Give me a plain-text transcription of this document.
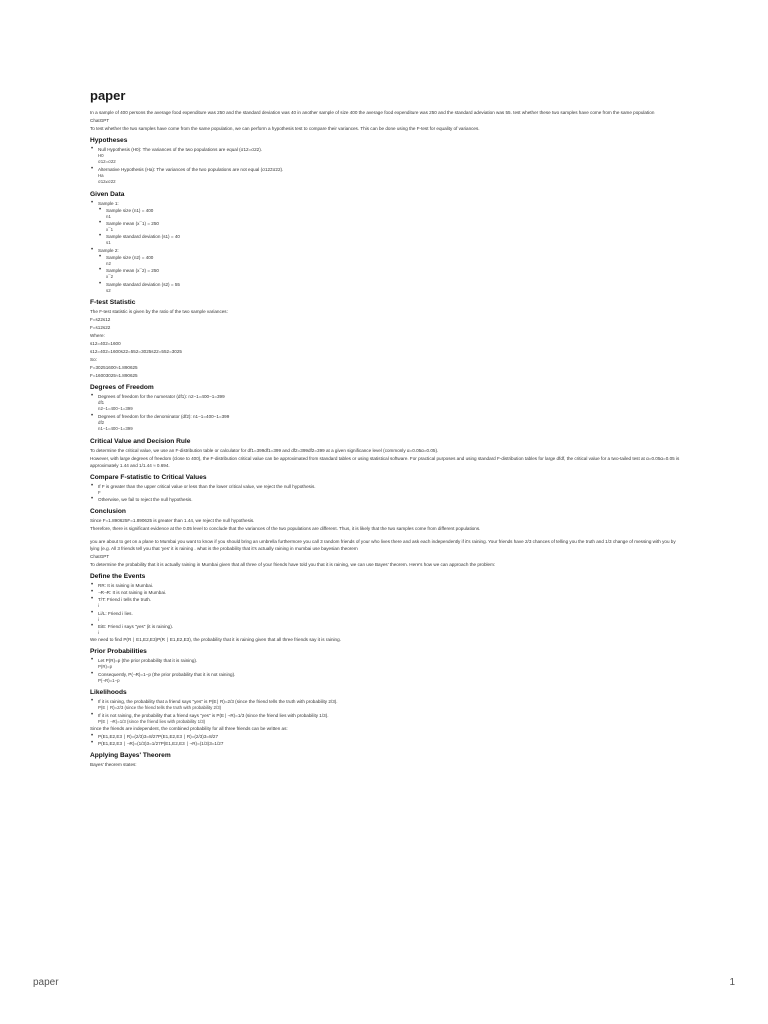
paper
In a sample of 400 persons the average food expenditure was 250 and the standard deviation was 40 in another sample of size 400 the average food expenditure was 250 and the standard adeviation was 55. test whether these two samples have come from the same population
ChatGPT
To test whether the two samples have come from the same population, we can perform a hypothesis test to compare their variances. This can be done using the F-test for equality of variances.
Hypotheses
• Null Hypothesis (H0): The variances of the two populations are equal (σ12=σ22).
H0
σ12=σ22
• Alternative Hypothesis (Ha): The variances of the two populations are not equal (σ12≠σ22).
Ha
σ12≠σ22
Given Data
• Sample 1:
• Sample size (n1) = 400
n1
• Sample mean (x¯1) = 250
x¯1
• Sample standard deviation (s1) = 40
s1
• Sample 2:
• Sample size (n2) = 400
n2
• Sample mean (x¯2) = 250
x¯2
• Sample standard deviation (s2) = 55
s2
F-test Statistic
The F-test statistic is given by the ratio of the two sample variances:
F=s22s12
F=s12s22
Where:
s12=402=1600
s12=402=1600s22=552=3025s22=552=3025
So:
F=30251600≈1.890625
F=16003025≈1.890625
Degrees of Freedom
• Degrees of freedom for the numerator (df1): n2−1=400−1=399
df1
n2−1=400−1=399
• Degrees of freedom for the denominator (df2): n1−1=400−1=399
df2
n1−1=400−1=399
Critical Value and Decision Rule
To determine the critical value, we use an F-distribution table or calculator for df1=399df1=399 and df2=399df2=399 at a given significance level (commonly α=0.05α=0.05).
However, with large degrees of freedom (close to 400), the F-distribution critical value can be approximated from standard tables or using statistical software. For practical purposes and using standard F-distribution tables for large dfdf, the critical value for a two-tailed test at α=0.05α=0.05 is approximately 1.44 and 1/1.44 ≈ 0.694.
Compare F-statistic to Critical Values
• If F is greater than the upper critical value or less than the lower critical value, we reject the null hypothesis.
F
• Otherwise, we fail to reject the null hypothesis.
Conclusion
Since F=1.890625F=1.890625 is greater than 1.44, we reject the null hypothesis.
Therefore, there is significant evidence at the 0.05 level to conclude that the variances of the two populations are different. Thus, it is likely that the two samples come from different populations.
you are about to get on a plane to Mumbai you want to know if you should bring an umbrella furthermore you call 3 random friends of your who lives there and ask each independently if it's raining. Your friends have 2/3 chances of telling you the truth and 1/3 change of messing with you by lying (e.g. All 3 friends tell you that 'yes' it is raining . what is the probability that it's actually raining in mumbai use bayesian theorem
ChatGPT
To determine the probability that it is actually raining in Mumbai given that all three of your friends have told you that it is raining, we can use Bayes' theorem. Here's how we can approach the problem:
Define the Events
• RR: It is raining in Mumbai.
• ¬R¬R: It is not raining in Mumbai.
• T/T: Friend i tells the truth.
i
• Li/L: Friend i lies.
i
• EiE: Friend i says "yes" (it is raining).
i
We need to find P(R ∣ E1,E2,E3)P(R ∣ E1,E2,E3), the probability that it is raining given that all three friends say it is raining.
Prior Probabilities
• Let P(R)=p (the prior probability that it is raining).
P(R)=p
• Consequently, P(¬R)=1−p (the prior probability that it is not raining).
P(¬R)=1−p
Likelihoods
• If it is raining, the probability that a friend says "yes" is P(E∣ R)=2/3 (since the friend tells the truth with probability 2/3).
P(E ∣ R)=2/3 (since the friend tells the truth with probability 2/3)
• If it is not raining, the probability that a friend says "yes" is P(E∣ ¬R)=1/3 (since the friend lies with probability 1/3).
P(E ∣ ¬R)=1/3 (since the friend lies with probability 1/3)
Since the friends are independent, the combined probability for all three friends can be written as:
• P(E1,E2,E3 ∣ R)=(2/3)3=8/27P(E1,E2,E3 ∣ R)=(2/3)3=8/27
• P(E1,E2,E3 ∣ ¬R)=(1/3)3=1/27P(E1,E2,E3 ∣ ¬R)=(1/3)3=1/27
Applying Bayes' Theorem
Bayes' theorem states:
paper	1
